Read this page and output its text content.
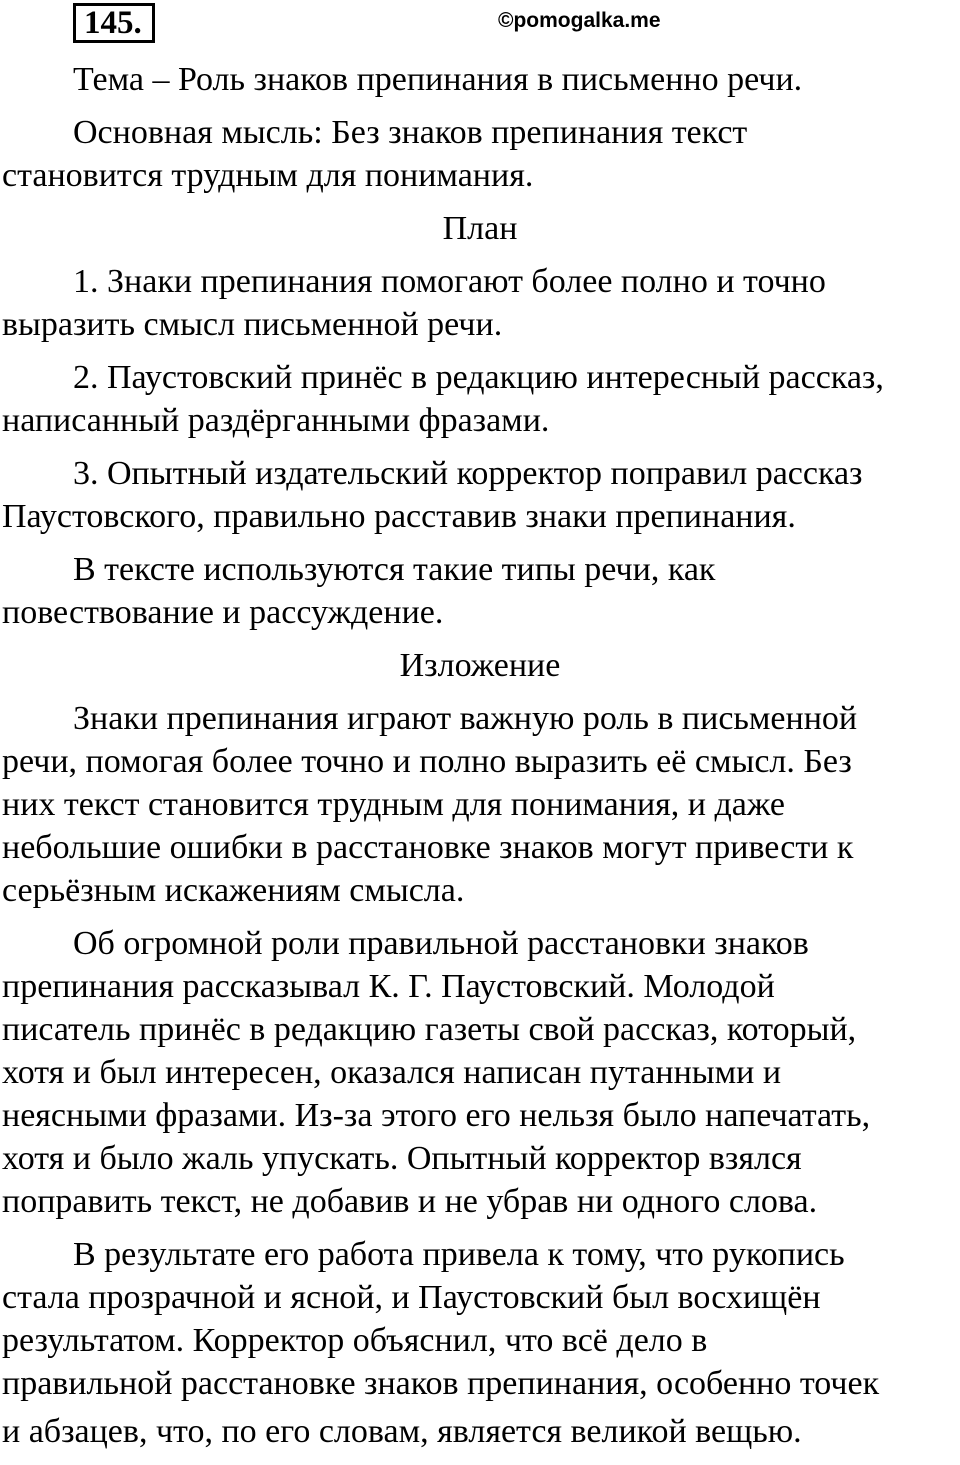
145.	©pomogalka.me

Тема – Роль знаков препинания в письменно речи.

Основная мысль: Без знаков препинания текст
становится трудным для понимания.

План

1. Знаки препинания помогают более полно и точно
выразить смысл письменной речи.

2. Паустовский принёс в редакцию интересный рассказ,
написанный раздёрганными фразами.

3. Опытный издательский корректор поправил рассказ
Паустовского, правильно расставив знаки препинания.

В тексте используются такие типы речи, как
повествование и рассуждение.

Изложение

Знаки препинания играют важную роль в письменной
речи, помогая более точно и полно выразить её смысл. Без
них текст становится трудным для понимания, и даже
небольшие ошибки в расстановке знаков могут привести к
серьёзным искажениям смысла.

Об огромной роли правильной расстановки знаков
препинания рассказывал К. Г. Паустовский. Молодой
писатель принёс в редакцию газеты свой рассказ, который,
хотя и был интересен, оказался написан путанными и
неясными фразами. Из-за этого его нельзя было напечатать,
хотя и было жаль упускать. Опытный корректор взялся
поправить текст, не добавив и не убрав ни одного слова.

В результате его работа привела к тому, что рукопись
стала прозрачной и ясной, и Паустовский был восхищён
результатом. Корректор объяснил, что всё дело в
правильной расстановке знаков препинания, особенно точек
и абзацев, что, по его словам, является великой вещью.
